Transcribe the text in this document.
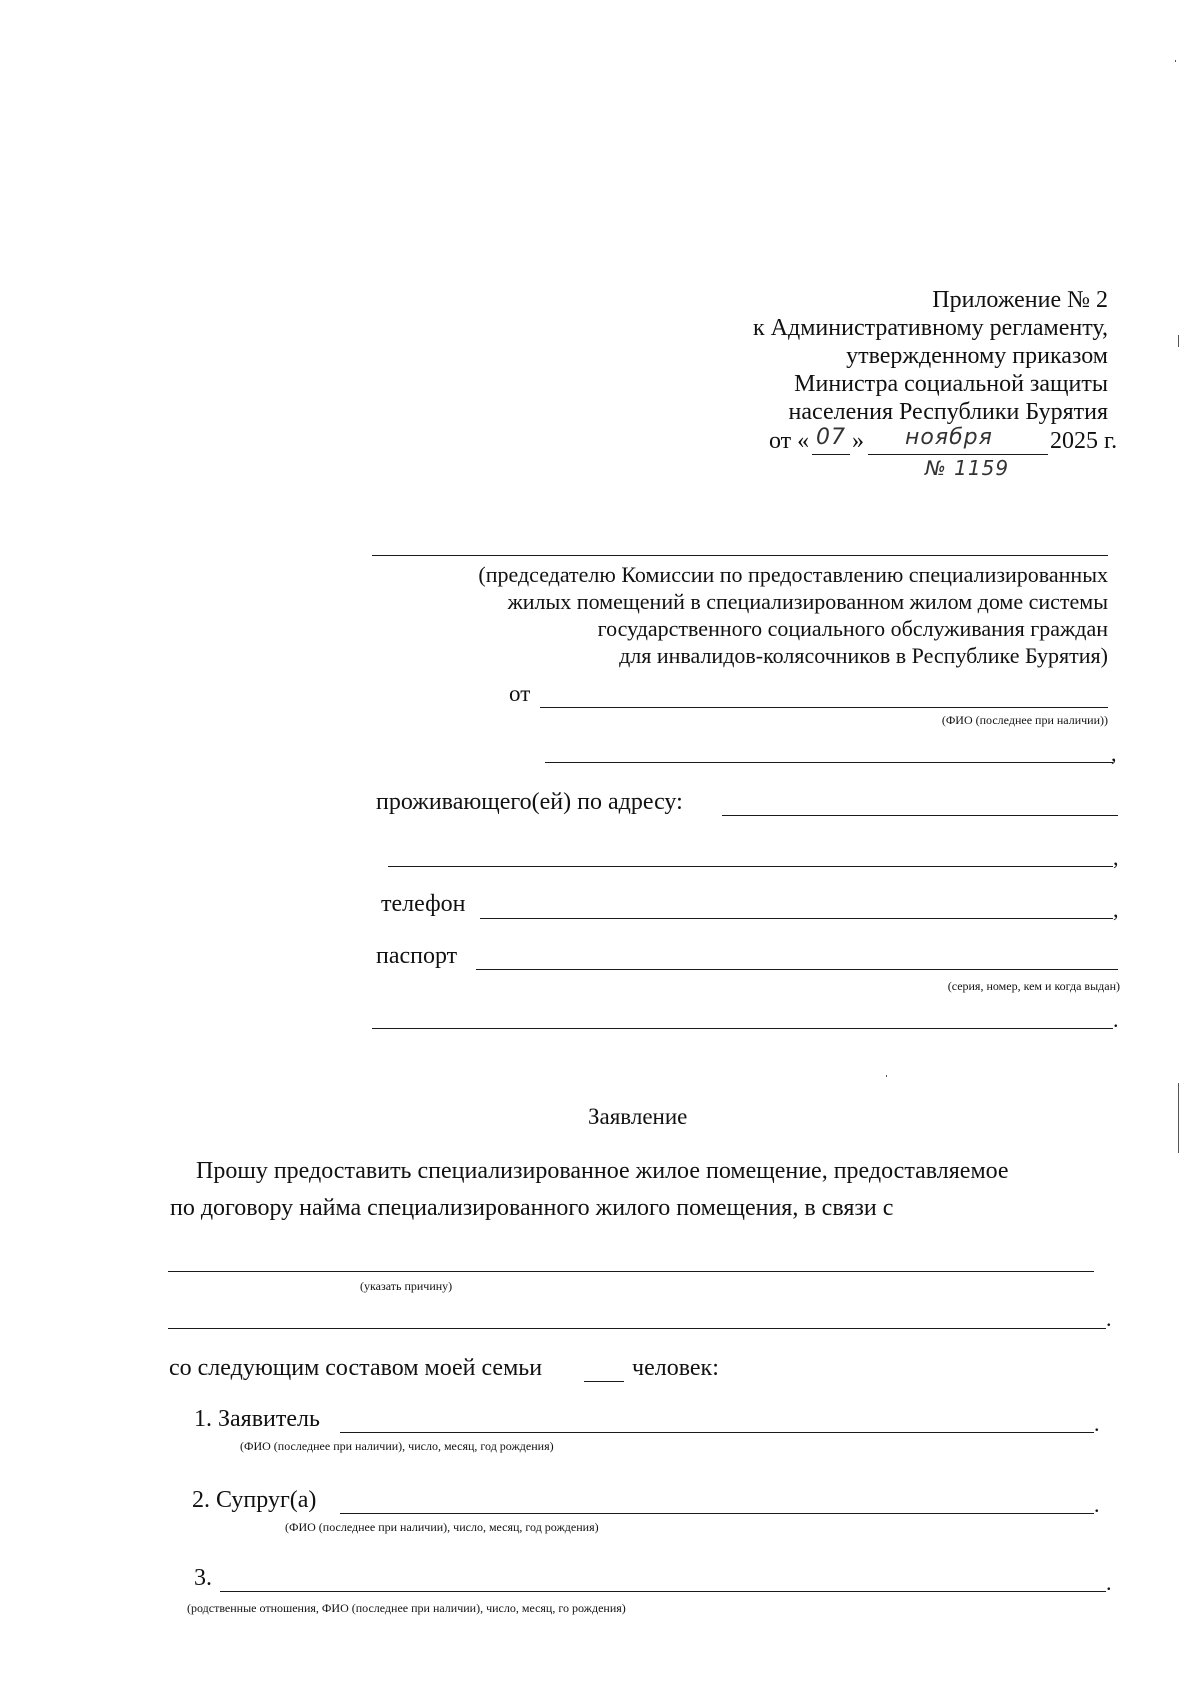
Приложение № 2
к Административному регламенту,
утвержденному приказом
Министра социальной защиты
населения Республики Бурятия
от « 07 » ноября 2025 г.
№ 1159
(председателю Комиссии по предоставлению специализированных
жилых помещений в специализированном жилом доме системы
государственного социального обслуживания граждан
для инвалидов-колясочников в Республике Бурятия)
от
(ФИО (последнее при наличии))
,
проживающего(ей) по адресу:
,
телефон	,
паспорт
(серия, номер, кем и когда выдан)
.
Заявление
Прошу предоставить специализированное жилое помещение, предоставляемое
по договору найма специализированного жилого помещения, в связи с
(указать причину)
.
со следующим составом моей семьи	человек:
1. Заявитель	.
(ФИО (последнее при наличии), число, месяц, год рождения)
2. Супруг(а)	.
(ФИО (последнее при наличии), число, месяц, год рождения)
3.	.
(родственные отношения, ФИО (последнее при наличии), число, месяц, го рождения)
